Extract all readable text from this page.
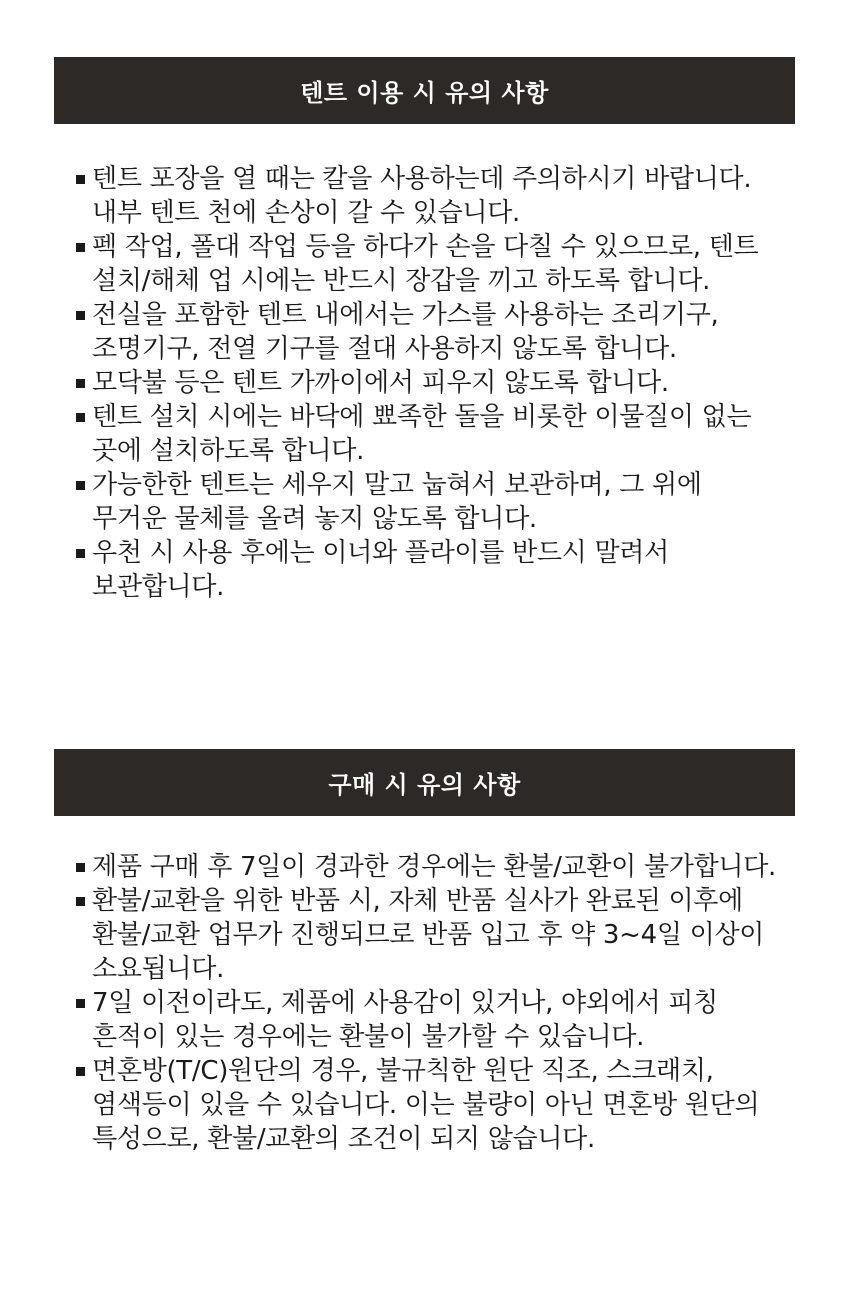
텐트 이용 시 유의 사항
텐트 포장을 열 때는 칼을 사용하는데 주의하시기 바랍니다. 내부 텐트 천에 손상이 갈 수 있습니다.
펙 작업, 폴대 작업 등을 하다가 손을 다칠 수 있으므로, 텐트 설치/해체 업 시에는 반드시 장갑을 끼고 하도록 합니다.
전실을 포함한 텐트 내에서는 가스를 사용하는 조리기구, 조명기구, 전열 기구를 절대 사용하지 않도록 합니다.
모닥불 등은 텐트 가까이에서 피우지 않도록 합니다.
텐트 설치 시에는 바닥에 뾰족한 돌을 비롯한 이물질이 없는 곳에 설치하도록 합니다.
가능한한 텐트는 세우지 말고 눕혀서 보관하며, 그 위에 무거운 물체를 올려 놓지 않도록 합니다.
우천 시 사용 후에는 이너와 플라이를 반드시 말려서 보관합니다.
구매 시 유의 사항
제품 구매 후 7일이 경과한 경우에는 환불/교환이 불가합니다.
환불/교환을 위한 반품 시, 자체 반품 실사가 완료된 이후에 환불/교환 업무가 진행되므로 반품 입고 후 약 3~4일 이상이 소요됩니다.
7일 이전이라도, 제품에 사용감이 있거나, 야외에서 피칭 흔적이 있는 경우에는 환불이 불가할 수 있습니다.
면혼방(T/C)원단의 경우, 불규칙한 원단 직조, 스크래치, 염색등이 있을 수 있습니다. 이는 불량이 아닌 면혼방 원단의 특성으로, 환불/교환의 조건이 되지 않습니다.
